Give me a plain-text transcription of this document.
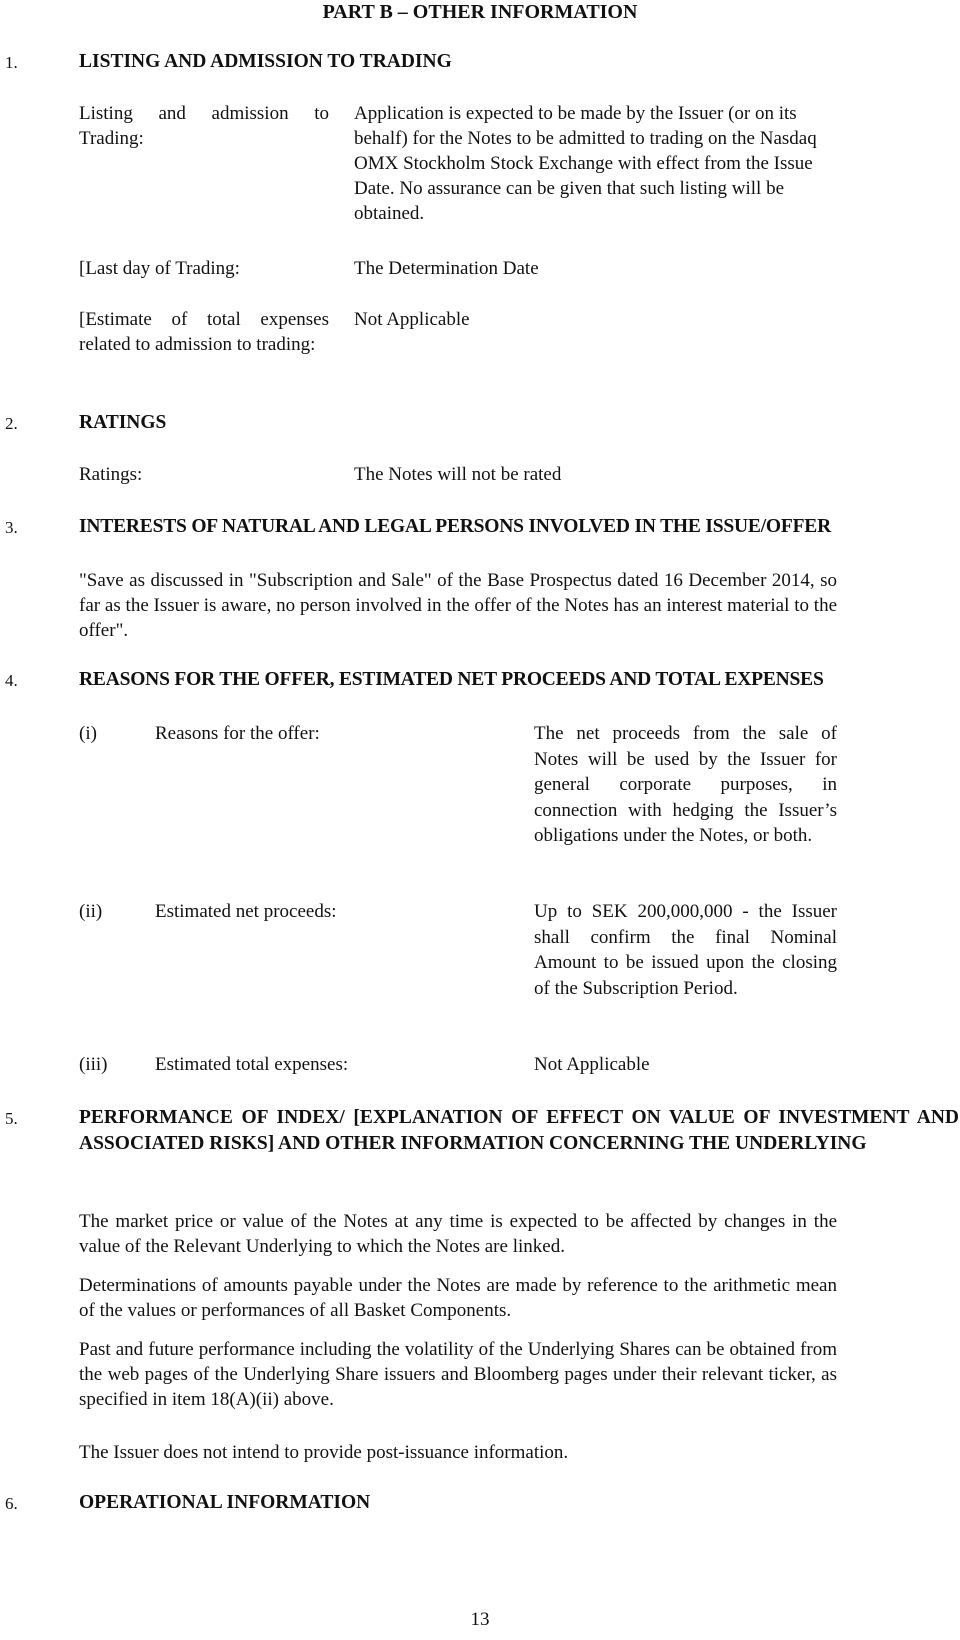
PART B – OTHER INFORMATION
1.	LISTING AND ADMISSION TO TRADING
Listing and admission to Trading:
Application is expected to be made by the Issuer (or on its behalf) for the Notes to be admitted to trading on the Nasdaq OMX Stockholm Stock Exchange with effect from the Issue Date. No assurance can be given that such listing will be obtained.
[Last day of Trading:	The Determination Date
[Estimate of total expenses related to admission to trading:
Not Applicable
2.	RATINGS
Ratings:	The Notes will not be rated
3.	INTERESTS OF NATURAL AND LEGAL PERSONS INVOLVED IN THE ISSUE/OFFER
"Save as discussed in "Subscription and Sale" of the Base Prospectus dated 16 December 2014, so far as the Issuer is aware, no person involved in the offer of the Notes has an interest material to the offer".
4.	REASONS FOR THE OFFER, ESTIMATED NET PROCEEDS AND TOTAL EXPENSES
(i)	Reasons for the offer:	The net proceeds from the sale of Notes will be used by the Issuer for general corporate purposes, in connection with hedging the Issuer’s obligations under the Notes, or both.
(ii)	Estimated net proceeds:	Up to SEK 200,000,000 - the Issuer shall confirm the final Nominal Amount to be issued upon the closing of the Subscription Period.
(iii)	Estimated total expenses:	Not Applicable
5.	PERFORMANCE OF INDEX/ [EXPLANATION OF EFFECT ON VALUE OF INVESTMENT AND ASSOCIATED RISKS] AND OTHER INFORMATION CONCERNING THE UNDERLYING
The market price or value of the Notes at any time is expected to be affected by changes in the value of the Relevant Underlying to which the Notes are linked.
Determinations of amounts payable under the Notes are made by reference to the arithmetic mean of the values or performances of all Basket Components.
Past and future performance including the volatility of the Underlying Shares can be obtained from the web pages of the Underlying Share issuers and Bloomberg pages under their relevant ticker, as specified in item 18(A)(ii) above.
The Issuer does not intend to provide post-issuance information.
6.	OPERATIONAL INFORMATION
13
